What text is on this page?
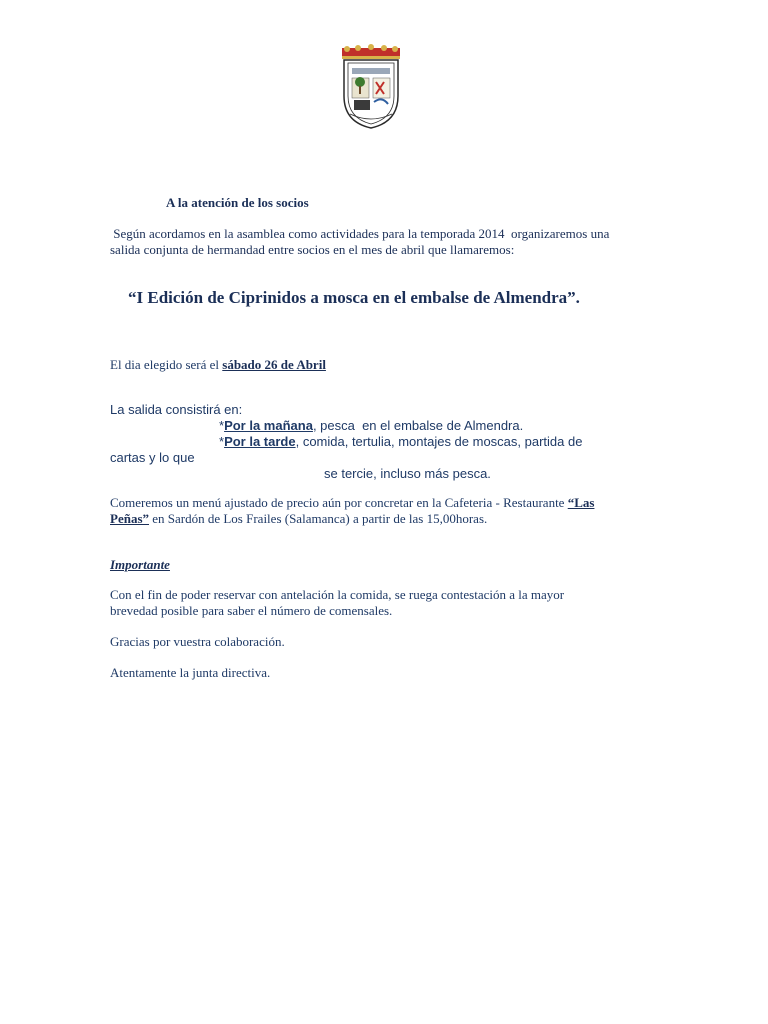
A la atención de los socios
Según acordamos en la asamblea como actividades para la temporada 2014  organizaremos una
salida conjunta de hermandad entre socios en el mes de abril que llamaremos:
“I Edición de Ciprinidos a mosca en el embalse de Almendra”.
El dia elegido será el sábado 26 de Abril
La salida consistirá en:
*Por la mañana, pesca  en el embalse de Almendra.
*Por la tarde, comida, tertulia, montajes de moscas, partida de
cartas y lo que
se tercie, incluso más pesca.
Comeremos un menú ajustado de precio aún por concretar en la Cafeteria - Restaurante “Las
Peñas” en Sardón de Los Frailes (Salamanca) a partir de las 15,00horas.
Importante
Con el fin de poder reservar con antelación la comida, se ruega contestación a la mayor
brevedad posible para saber el número de comensales.
Gracias por vuestra colaboración.
Atentamente la junta directiva.
